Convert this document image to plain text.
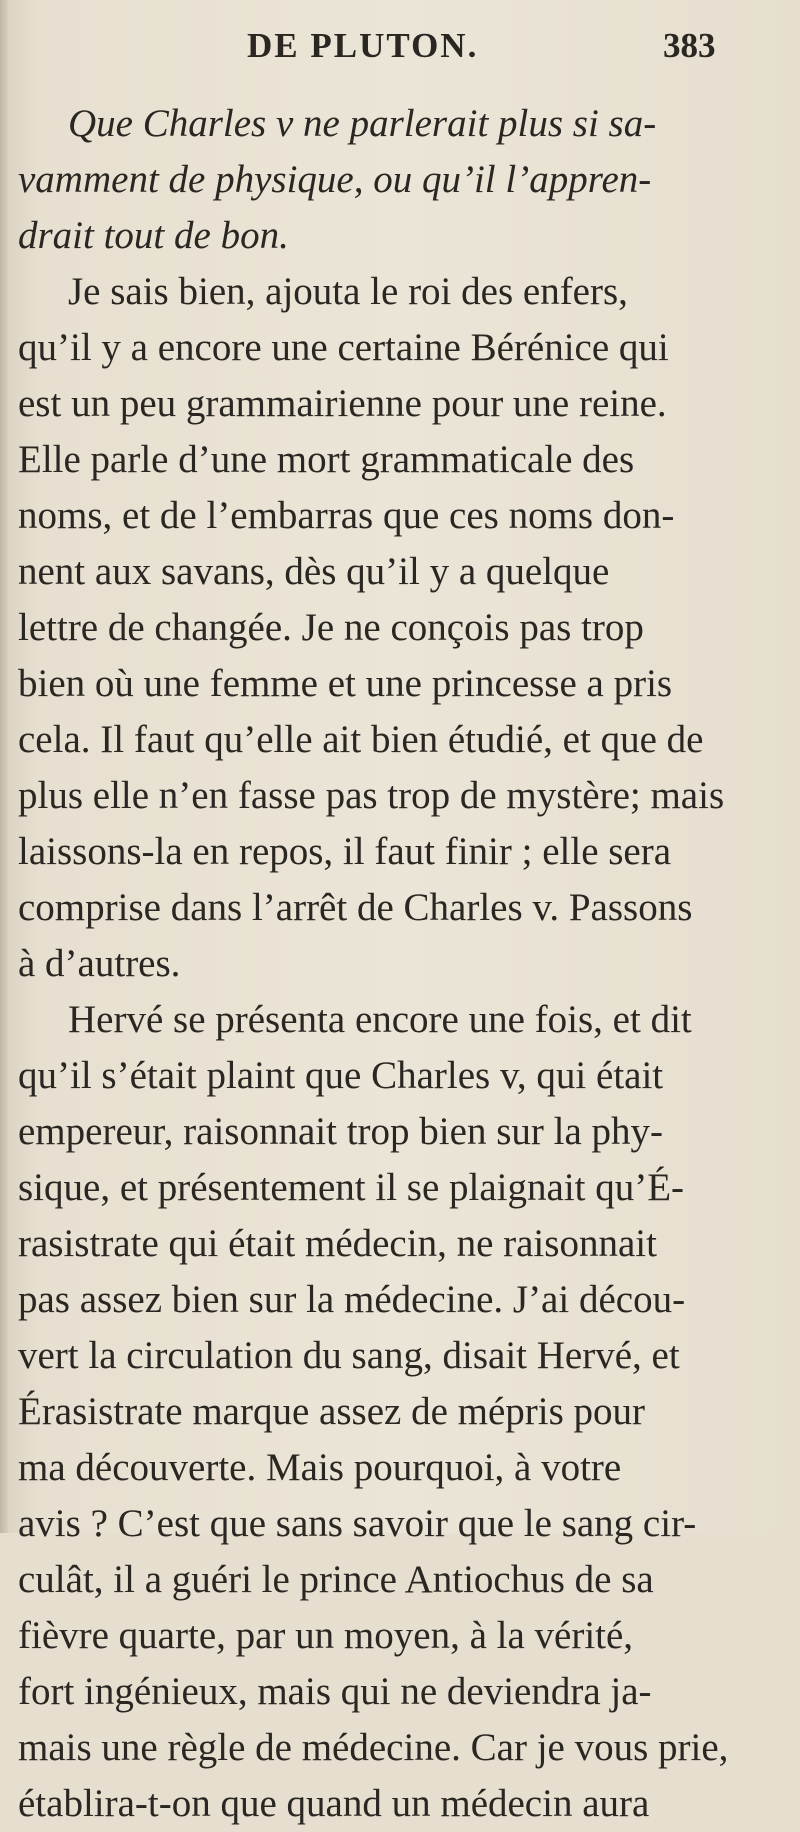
DE PLUTON.	383
Que Charles v ne parlerait plus si sa-
vamment de physique, ou qu’il l’appren-
drait tout de bon.
Je sais bien, ajouta le roi des enfers,
qu’il y a encore une certaine Bérénice qui
est un peu grammairienne pour une reine.
Elle parle d’une mort grammaticale des
noms, et de l’embarras que ces noms don-
nent aux savans, dès qu’il y a quelque
lettre de changée. Je ne conçois pas trop
bien où une femme et une princesse a pris
cela. Il faut qu’elle ait bien étudié, et que de
plus elle n’en fasse pas trop de mystère; mais
laissons-la en repos, il faut finir ; elle sera
comprise dans l’arrêt de Charles v. Passons
à d’autres.
Hervé se présenta encore une fois, et dit
qu’il s’était plaint que Charles v, qui était
empereur, raisonnait trop bien sur la phy-
sique, et présentement il se plaignait qu’É-
rasistrate qui était médecin, ne raisonnait
pas assez bien sur la médecine. J’ai décou-
vert la circulation du sang, disait Hervé, et
Érasistrate marque assez de mépris pour
ma découverte. Mais pourquoi, à votre
avis ? C’est que sans savoir que le sang cir-
culât, il a guéri le prince Antiochus de sa
fièvre quarte, par un moyen, à la vérité,
fort ingénieux, mais qui ne deviendra ja-
mais une règle de médecine. Car je vous prie,
établira-t-on que quand un médecin aura
